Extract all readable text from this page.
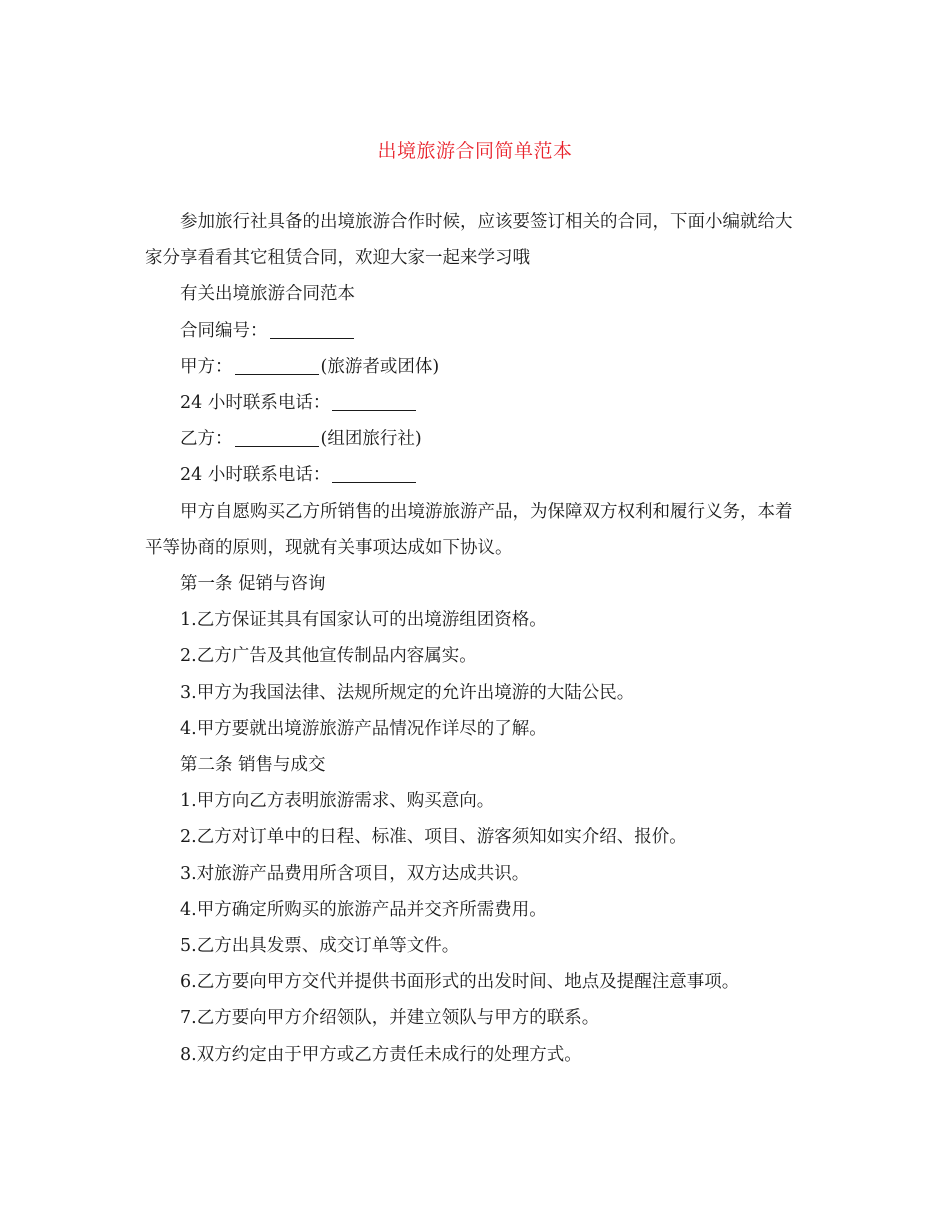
出境旅游合同简单范本

参加旅行社具备的出境旅游合作时候，应该要签订相关的合同，下面小编就给大家分享看看其它租赁合同，欢迎大家一起来学习哦

有关出境旅游合同范本
合同编号：
甲方：	(旅游者或团体)
24 小时联系电话：
乙方：	(组团旅行社)
24 小时联系电话：

甲方自愿购买乙方所销售的出境游旅游产品，为保障双方权利和履行义务，本着平等协商的原则，现就有关事项达成如下协议。

第一条 促销与咨询
1.乙方保证其具有国家认可的出境游组团资格。
2.乙方广告及其他宣传制品内容属实。
3.甲方为我国法律、法规所规定的允许出境游的大陆公民。
4.甲方要就出境游旅游产品情况作详尽的了解。
第二条 销售与成交
1.甲方向乙方表明旅游需求、购买意向。
2.乙方对订单中的日程、标准、项目、游客须知如实介绍、报价。
3.对旅游产品费用所含项目，双方达成共识。
4.甲方确定所购买的旅游产品并交齐所需费用。
5.乙方出具发票、成交订单等文件。
6.乙方要向甲方交代并提供书面形式的出发时间、地点及提醒注意事项。
7.乙方要向甲方介绍领队，并建立领队与甲方的联系。
8.双方约定由于甲方或乙方责任未成行的处理方式。
